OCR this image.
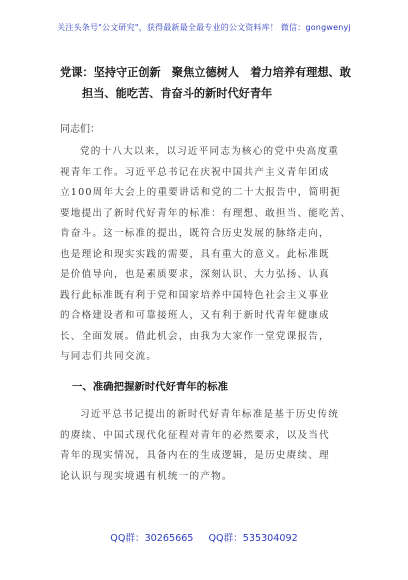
关注头条号"公文研究"，获得最新最全最专业的公文资料库！ 微信：gongwenyj
党课：坚持守正创新　聚焦立德树人　着力培养有理想、敢
担当、能吃苦、肯奋斗的新时代好青年
同志们：
党的十八大以来，以习近平同志为核心的党中央高度重
视青年工作。习近平总书记在庆祝中国共产主义青年团成
立100周年大会上的重要讲话和党的二十大报告中，简明扼
要地提出了新时代好青年的标准：有理想、敢担当、能吃苦、
肯奋斗。这一标准的提出，既符合历史发展的脉络走向，
也是理论和现实实践的需要，具有重大的意义。此标准既
是价值导向，也是素质要求，深刻认识、大力弘扬、认真
践行此标准既有利于党和国家培养中国特色社会主义事业
的合格建设者和可靠接班人，又有利于新时代青年健康成
长、全面发展。借此机会，由我为大家作一堂党课报告，
与同志们共同交流。
一、准确把握新时代好青年的标准
习近平总书记提出的新时代好青年标准是基于历史传统
的赓续、中国式现代化征程对青年的必然要求，以及当代
青年的现实情况，具备内在的生成逻辑，是历史赓续、理
论认识与现实境遇有机统一的产物。
QQ群：30265665 QQ群：535304092
